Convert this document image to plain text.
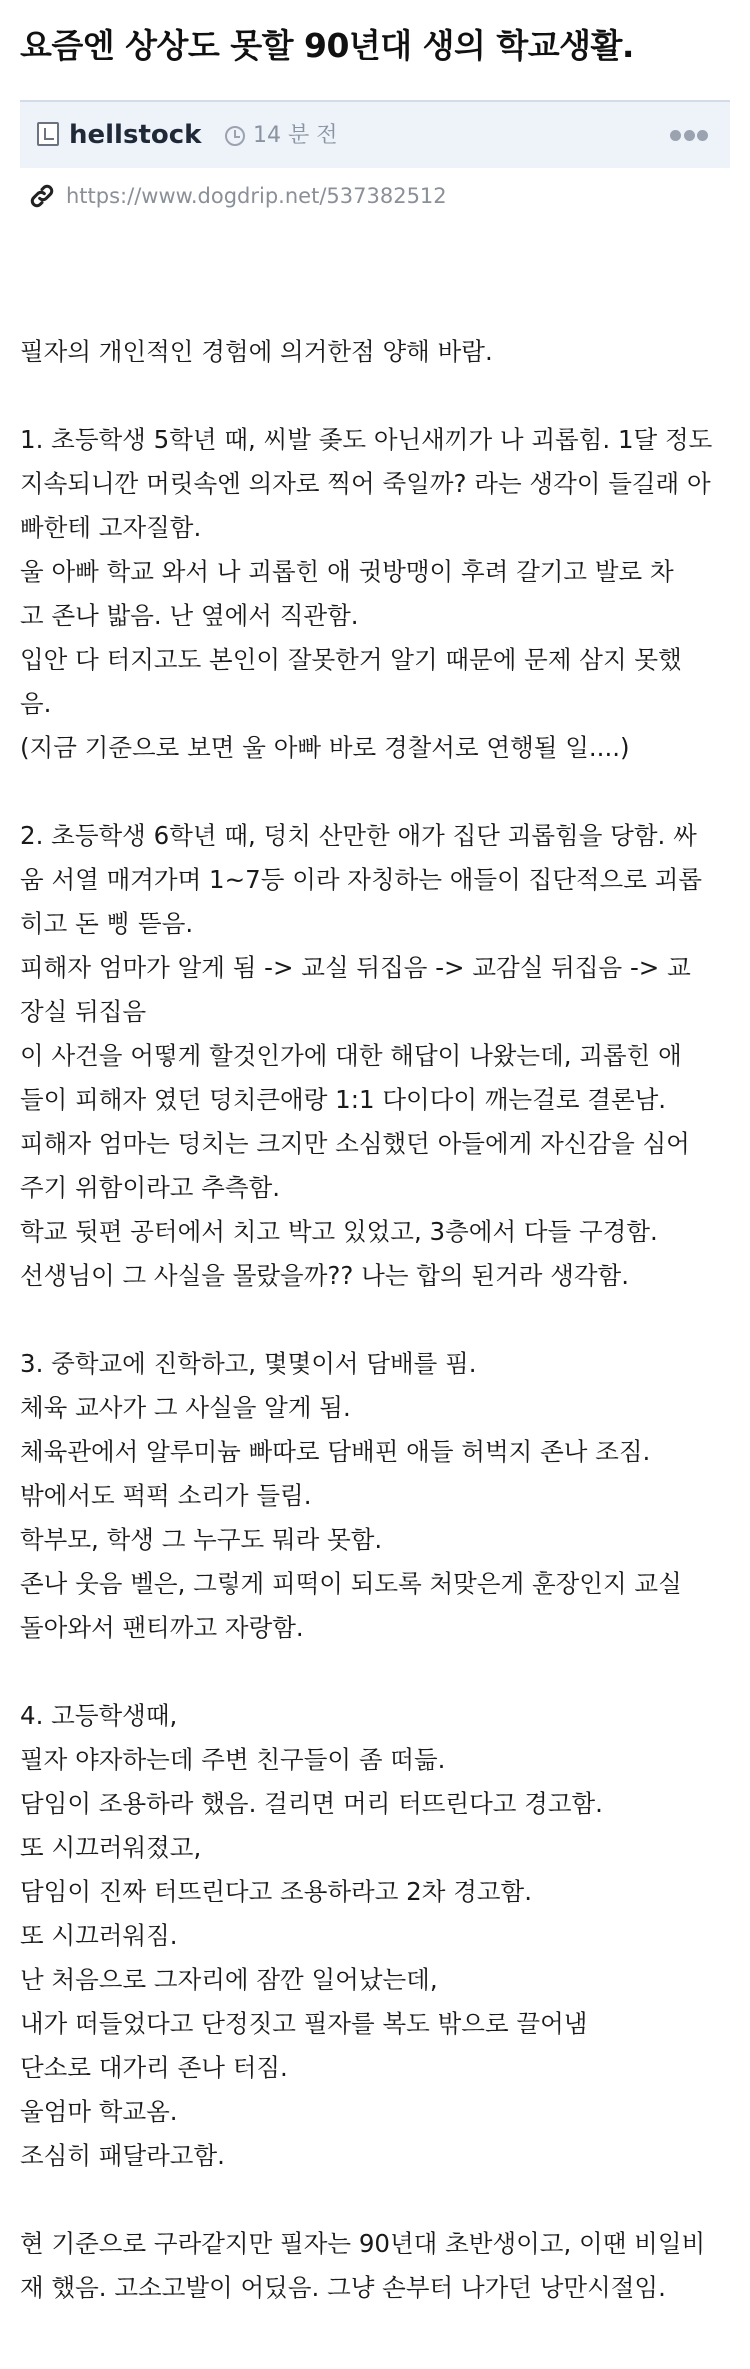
요즘엔 상상도 못할 90년대 생의 학교생활.
hellstock 14 분 전
https://www.dogdrip.net/537382512

필자의 개인적인 경험에 의거한점 양해 바람.

1. 초등학생 5학년 때, 씨발 좆도 아닌새끼가 나 괴롭힘. 1달 정도

지속되니깐 머릿속엔 의자로 찍어 죽일까? 라는 생각이 들길래 아

빠한테 고자질함.

울 아빠 학교 와서 나 괴롭힌 애 귓방맹이 후려 갈기고 발로 차

고 존나 밟음. 난 옆에서 직관함.

입안 다 터지고도 본인이 잘못한거 알기 때문에 문제 삼지 못했

음.

(지금 기준으로 보면 울 아빠 바로 경찰서로 연행될 일....)

2. 초등학생 6학년 때, 덩치 산만한 애가 집단 괴롭힘을 당함. 싸

움 서열 매겨가며 1~7등 이라 자칭하는 애들이 집단적으로 괴롭

히고 돈 삥 뜯음.

피해자 엄마가 알게 됨 -> 교실 뒤집음 -> 교감실 뒤집음 -> 교

장실 뒤집음

이 사건을 어떻게 할것인가에 대한 해답이 나왔는데, 괴롭힌 애

들이 피해자 였던 덩치큰애랑 1:1 다이다이 깨는걸로 결론남.

피해자 엄마는 덩치는 크지만 소심했던 아들에게 자신감을 심어

주기 위함이라고 추측함.

학교 뒷편 공터에서 치고 박고 있었고, 3층에서 다들 구경함.

선생님이 그 사실을 몰랐을까?? 나는 합의 된거라 생각함.

3. 중학교에 진학하고, 몇몇이서 담배를 핌.

체육 교사가 그 사실을 알게 됨.

체육관에서 알루미늄 빠따로 담배핀 애들 허벅지 존나 조짐.

밖에서도 퍽퍽 소리가 들림.

학부모, 학생 그 누구도 뭐라 못함.

존나 웃음 벨은, 그렇게 피떡이 되도록 처맞은게 훈장인지 교실

돌아와서 팬티까고 자랑함.

4. 고등학생때,

필자 야자하는데 주변 친구들이 좀 떠듦.

담임이 조용하라 했음. 걸리면 머리 터뜨린다고 경고함.

또 시끄러워졌고,

담임이 진짜 터뜨린다고 조용하라고 2차 경고함.

또 시끄러워짐.

난 처음으로 그자리에 잠깐 일어났는데,

내가 떠들었다고 단정짓고 필자를 복도 밖으로 끌어냄

단소로 대가리 존나 터짐.

울엄마 학교옴.

조심히 패달라고함.

현 기준으로 구라같지만 필자는 90년대 초반생이고, 이땐 비일비

재 했음. 고소고발이 어딨음. 그냥 손부터 나가던 낭만시절임.
